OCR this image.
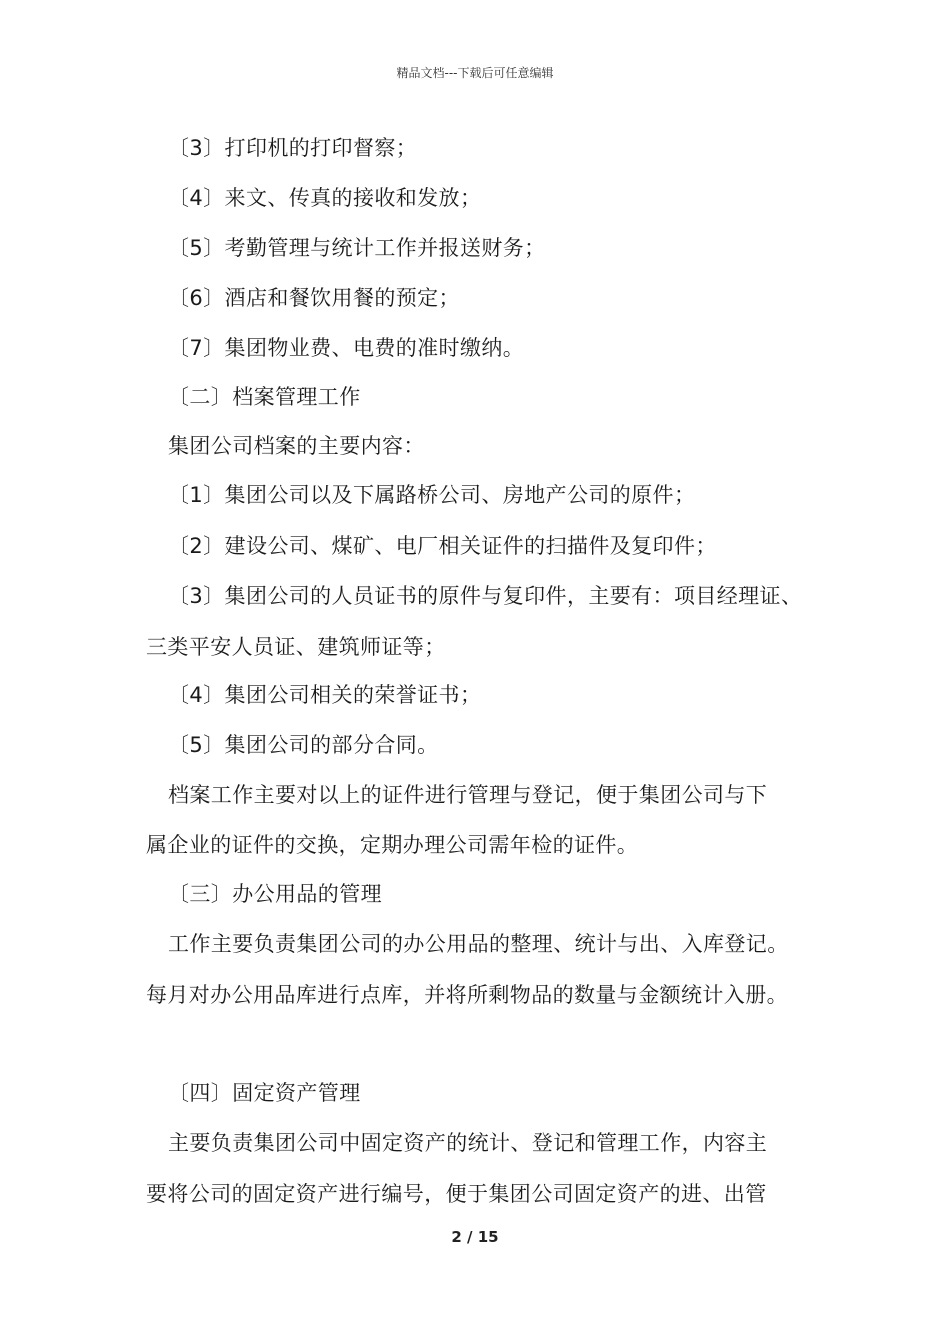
精品文档---下载后可任意编辑
〔3〕打印机的打印督察；
〔4〕来文、传真的接收和发放；
〔5〕考勤管理与统计工作并报送财务；
〔6〕酒店和餐饮用餐的预定；
〔7〕集团物业费、电费的准时缴纳。
〔二〕档案管理工作
集团公司档案的主要内容：
〔1〕集团公司以及下属路桥公司、房地产公司的原件；
〔2〕建设公司、煤矿、电厂相关证件的扫描件及复印件；
〔3〕集团公司的人员证书的原件与复印件，主要有：项目经理证、
三类平安人员证、建筑师证等；
〔4〕集团公司相关的荣誉证书；
〔5〕集团公司的部分合同。
档案工作主要对以上的证件进行管理与登记，便于集团公司与下
属企业的证件的交换，定期办理公司需年检的证件。
〔三〕办公用品的管理
工作主要负责集团公司的办公用品的整理、统计与出、入库登记。
每月对办公用品库进行点库，并将所剩物品的数量与金额统计入册。
〔四〕固定资产管理
主要负责集团公司中固定资产的统计、登记和管理工作，内容主
要将公司的固定资产进行编号，便于集团公司固定资产的进、出管
2 / 15
